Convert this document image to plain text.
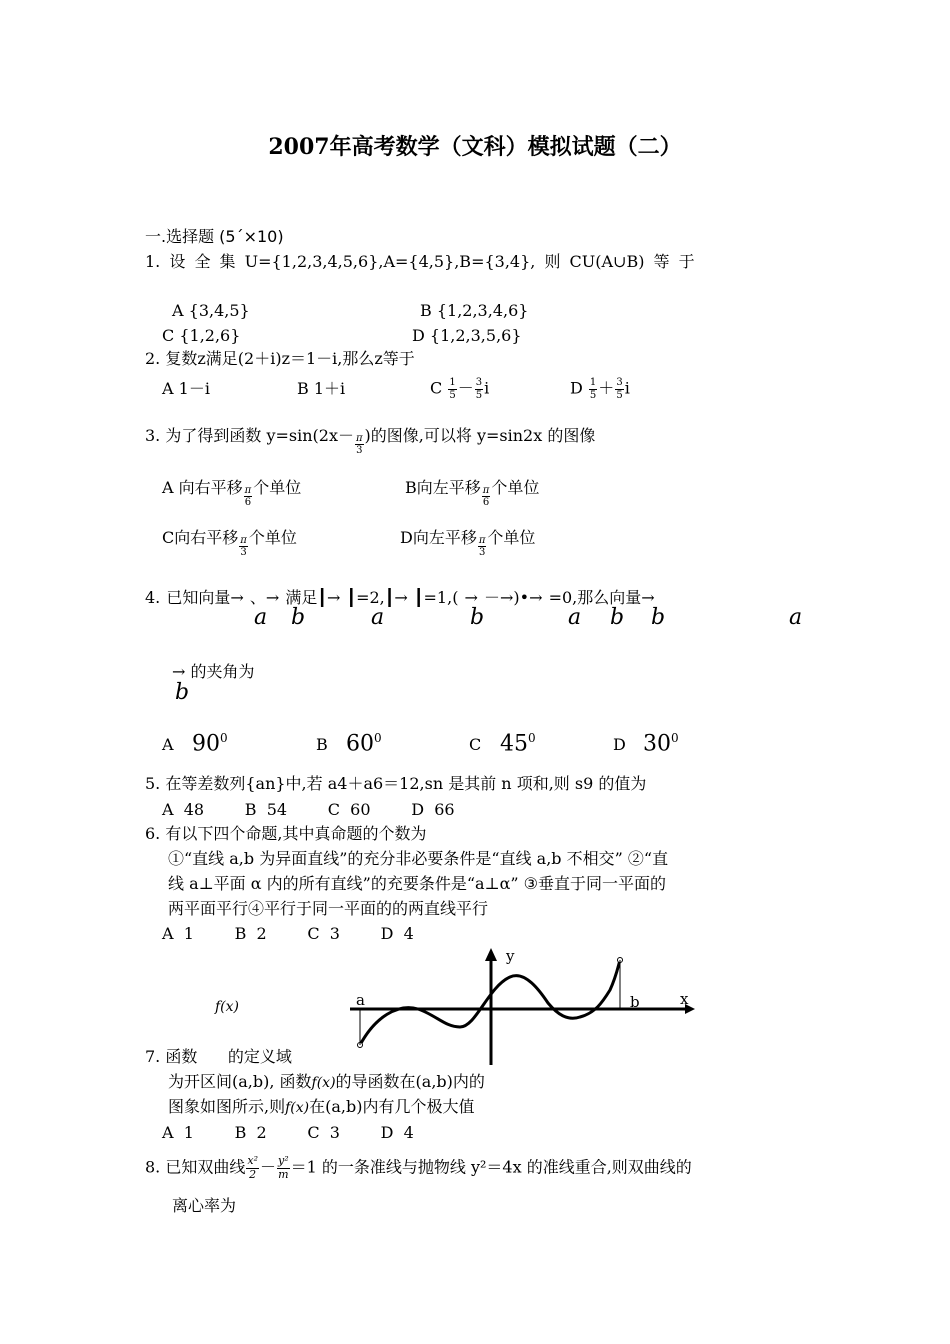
2007年高考数学（文科）模拟试题（二）
一.选择题 (5´×10)
1. 设 全 集 U={1,2,3,4,5,6},A={4,5},B={3,4}, 则 CU(A∪B) 等 于
A {3,4,5}	B {1,2,3,4,6}
C {1,2,6}	D {1,2,3,5,6}
2. 复数z满足(2＋i)z＝1－i,那么z等于
A 1－i	B 1＋i	C $\frac{1}{5} - \frac{3}{5}$ i	D $\frac{1}{5} + \frac{3}{5}$ i
3. 为了得到函数 $y=\sin(2x- \frac{\pi}{3}$ )的图像,可以将 y=sin2x 的图像
A 向右平移 $\frac{\pi}{6}$ 个单位	B向左平移 $\frac{\pi}{6}$ 个单位
C向右平移 $\frac{\pi}{3}$ 个单位	D向左平移 $\frac{\pi}{3}$ 个单位
4. 已知向量→ 、→ 满足┃→ ┃=2,┃→ ┃=1,( → －→)•→ =0,那么向量→
a b	a	b	a b b	a
→ 的夹角为
b
A $90^0$	B $60^0$	C $45^0$	D $30^0$
5. 在等差数列{an}中,若 a4＋a6＝12,sn 是其前 n 项和,则 s9 的值为
A  48        B  54        C  60        D  66
6. 有以下四个命题,其中真命题的个数为
①“直线 a,b 为异面直线”的充分非必要条件是“直线 a,b 不相交” ②“直
线 a⊥平面 α 内的所有直线”的充要条件是“a⊥α” ③垂直于同一平面的
两平面平行④平行于同一平面的的两直线平行
A  1        B  2        C  3        D  4
f(x)	a	b
y
x
7. 函数      的定义域
为开区间(a,b), 函数f(x)的导函数在(a,b)内的
图象如图所示,则f(x)在(a,b)内有几个极大值
A  1        B  2        C  3        D  4
8. 已知双曲线 $\frac{\text{x²}}{2} - \frac{\text{y²}}{m} =1$ 的一条准线与抛物线 y²＝4x 的准线重合,则双曲线的
离心率为
